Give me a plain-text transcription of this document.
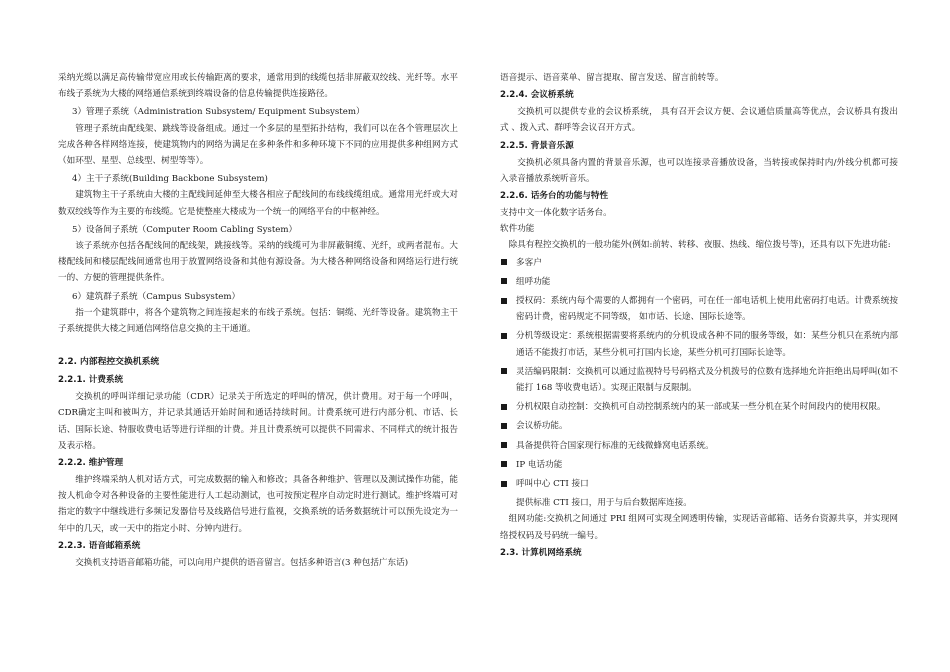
采纳光缆以满足高传输带宽应用或长传输距离的要求，通常用到的线缆包括非屏蔽双绞线、光纤等。水平布线子系统为大楼的网络通信系统到终端设备的信息传输提供连接路径。

3）管理子系统（Administration Subsystem/ Equipment Subsystem）

管理子系统由配线架、跳线等设备组成。通过一个多层的星型拓扑结构，我们可以在各个管理层次上完成各种各样网络连接，使建筑物内的网络为满足在多种条件和多种环境下不同的应用提供多种组网方式（如环型、星型、总线型、树型等等）。

4）主干子系统(Building Backbone Subsystem)

建筑物主干子系统由大楼的主配线间延伸至大楼各相应子配线间的布线线缆组成。通常用光纤或大对数双绞线等作为主要的布线缆。它是使整座大楼成为一个统一的网络平台的中枢神经。

5）设备间子系统（Computer Room Cabling System）

该子系统亦包括各配线间的配线架，跳接线等。采纳的线缆可为非屏蔽铜缆、光纤，或两者混布。大楼配线间和楼层配线间通常也用于放置网络设备和其他有源设备。为大楼各种网络设备和网络运行进行统一的、方便的管理提供条件。

6）建筑群子系统（Campus Subsystem）

指一个建筑群中，将各个建筑物之间连接起来的布线子系统。包括：铜缆、光纤等设备。建筑物主干子系统提供大楼之间通信网络信息交换的主干通道。

2.2. 内部程控交换机系统
2.2.1. 计费系统

交换机的呼叫详细记录功能（CDR）记录关于所选定的呼叫的情况，供计费用。对于每一个呼叫，CDR确定主叫和被叫方，并记录其通话开始时间和通话持续时间。计费系统可进行内部分机、市话、长话、国际长途、特服收费电话等进行详细的计费。并且计费系统可以提供不同需求、不同样式的统计报告及表示格。

2.2.2. 维护管理

维护终端采纳人机对话方式，可完成数据的输入和修改；具备各种维护、管理以及测试操作功能，能按人机命令对各种设备的主要性能进行人工起动测试，也可按预定程序自动定时进行测试。维护终端可对指定的数字中继线进行多频记发器信号及线路信号进行监视，交换系统的话务数据统计可以预先设定为一年中的几天，或一天中的指定小时、分钟内进行。

2.2.3. 语音邮箱系统

交换机支持语音邮箱功能，可以向用户提供的语音留言。包括多种语言(3 种包括广东话)

语音提示、语音菜单、留言提取、留言发送、留言前转等。

2.2.4. 会议桥系统

交换机可以提供专业的会议桥系统， 具有召开会议方便、会议通信质量高等优点，会议桥具有拨出式 、拨入式、群呼等会议召开方式。

2.2.5. 背景音乐源

交换机必须具备内置的背景音乐源，也可以连接录音播放设备，当转接或保持时内/外线分机都可接入录音播放系统听音乐。

2.2.6. 话务台的功能与特性
支持中文一体化数字话务台。
软件功能

除具有程控交换机的一般功能外(例如:前转、转移、夜服、热线、缩位拨号等)，还具有以下先进功能:

多客户
组呼功能
授权码：系统内每个需要的人都拥有一个密码，可在任一部电话机上使用此密码打电话。计费系统按密码计费，密码规定不同等级， 如市话、长途、国际长途等。
分机等级设定：系统根据需要将系统内的分机设成各种不同的服务等级，如：某些分机只在系统内部通话不能拨打市话，某些分机可打国内长途，某些分机可打国际长途等。
灵活编码限制：交换机可以通过监视特号号码格式及分机拨号的位数有选择地允许拒绝出局呼叫(如不能打 168 等收费电话）。实现正限制与反限制。
分机权限自动控制：交换机可自动控制系统内的某一部或某一些分机在某个时间段内的使用权限。
会议桥功能。
具备提供符合国家现行标准的无线微蜂窝电话系统。
IP 电话功能
呼叫中心 CTI 接口

提供标准 CTI 接口，用于与后台数据库连接。

组网功能:交换机之间通过 PRI 组网可实现全网透明传输，实现话音邮箱、话务台资源共享，并实现网络授权码及号码统一编号。

2.3. 计算机网络系统
